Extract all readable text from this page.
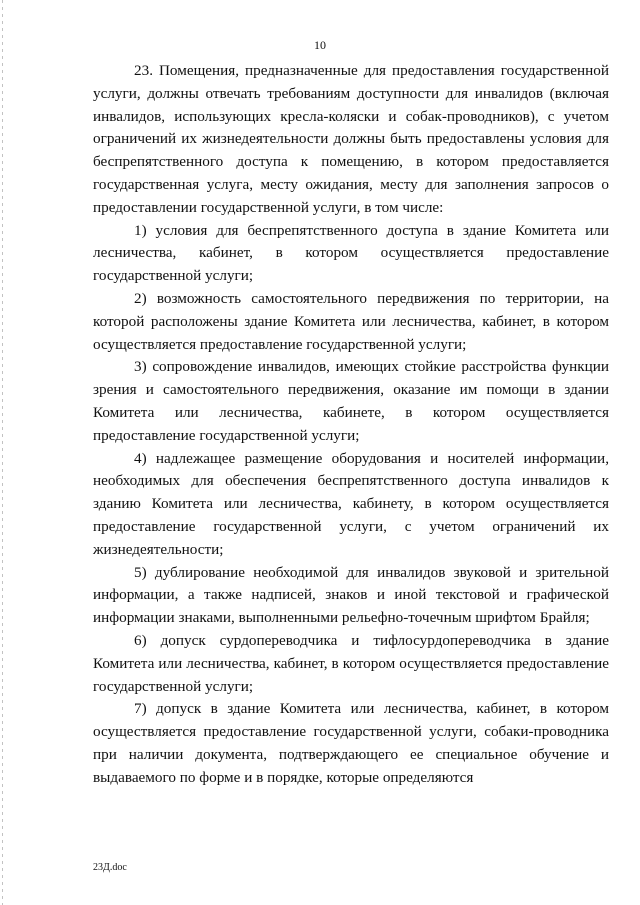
10

23. Помещения, предназначенные для предоставления государственной услуги, должны отвечать требованиям доступности для инвалидов (включая инвалидов, использующих кресла-коляски и собак-проводников), с учетом ограничений их жизнедеятельности должны быть предоставлены условия для беспрепятственного доступа к помещению, в котором предоставляется государственная услуга, месту ожидания, месту для заполнения запросов о предоставлении государственной услуги, в том числе:

1) условия для беспрепятственного доступа в здание Комитета или лесничества, кабинет, в котором осуществляется предоставление государственной услуги;

2) возможность самостоятельного передвижения по территории, на которой расположены здание Комитета или лесничества, кабинет, в котором осуществляется предоставление государственной услуги;

3) сопровождение инвалидов, имеющих стойкие расстройства функции зрения и самостоятельного передвижения, оказание им помощи в здании Комитета или лесничества, кабинете, в котором осуществляется предоставление государственной услуги;

4) надлежащее размещение оборудования и носителей информации, необходимых для обеспечения беспрепятственного доступа инвалидов к зданию Комитета или лесничества, кабинету, в котором осуществляется предоставление государственной услуги, с учетом ограничений их жизнедеятельности;

5) дублирование необходимой для инвалидов звуковой и зрительной информации, а также надписей, знаков и иной текстовой и графической информации знаками, выполненными рельефно-точечным шрифтом Брайля;

6) допуск сурдопереводчика и тифлосурдопереводчика в здание Комитета или лесничества, кабинет, в котором осуществляется предоставление государственной услуги;

7) допуск в здание Комитета или лесничества, кабинет, в котором осуществляется предоставление государственной услуги, собаки-проводника при наличии документа, подтверждающего ее специальное обучение и выдаваемого по форме и в порядке, которые определяются

23Д.doc
